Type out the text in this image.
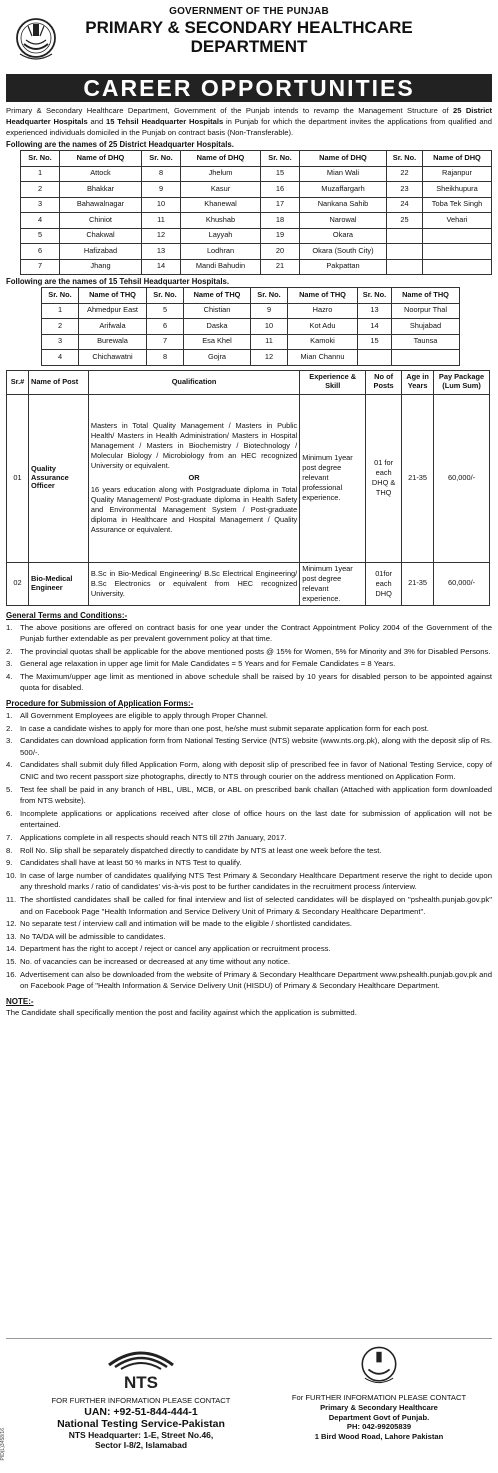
GOVERNMENT OF THE PUNJAB
PRIMARY & SECONDARY HEALTHCARE
DEPARTMENT
CAREER OPPORTUNITIES

Primary & Secondary Healthcare Department, Government of the Punjab intends to revamp the Management Structure of 25 District Headquarter Hospitals and 15 Tehsil Headquarter Hospitals in Punjab for which the department invites the applications from qualified and experienced individuals domiciled in the Punjab on contract basis (Non-Transferable).

Following are the names of 25 District Headquarter Hospitals.
Sr. No.	Name of DHQ	Sr. No.	Name of DHQ	Sr. No.	Name of DHQ	Sr. No.	Name of DHQ
1	Attock	8	Jhelum	15	Mian Wali	22	Rajanpur
2	Bhakkar	9	Kasur	16	Muzaffargarh	23	Sheikhupura
3	Bahawalnagar	10	Khanewal	17	Nankana Sahib	24	Toba Tek Singh
4	Chiniot	11	Khushab	18	Narowal	25	Vehari
5	Chakwal	12	Layyah	19	Okara		
6	Hafizabad	13	Lodhran	20	Okara (South City)		
7	Jhang	14	Mandi Bahudin	21	Pakpattan		
Following are the names of 15 Tehsil Headquarter Hospitals.
Sr. No.	Name of THQ	Sr. No.	Name of THQ	Sr. No.	Name of THQ	Sr. No.	Name of THQ
1	Ahmedpur East	5	Chistian	9	Hazro	13	Noorpur Thal
2	Arifwala	6	Daska	10	Kot Adu	14	Shujabad
3	Burewala	7	Esa Khel	11	Kamoki	15	Taunsa
4	Chichawatni	8	Gojra	12	Mian Channu		
Sr.#	Name of Post	Qualification	Experience & Skill	No of Posts	Age in Years	Pay Package (Lum Sum)
01	Quality Assurance Officer	Masters in Total Quality Management / Masters in Public Health/ Masters in Health Administration/ Masters in Hospital Management / Masters in Biochemistry / Biotechnology / Molecular Biology / Microbiology from an HEC recognized University or equivalent.
OR
16 years education along with Postgraduate diploma in Total Quality Management/ Post-graduate diploma in Health Safety and Environmental Management System / Post-graduate diploma in Healthcare and Hospital Management / Quality Assurance or equivalent.	Minimum 1year post degree relevant professional experience.	01 for each DHQ & THQ	21-35	60,000/-
02	Bio-Medical Engineer	B.Sc in Bio-Medical Engineering/ B.Sc Electrical Engineering/ B.Sc Electronics or equivalent from HEC recognized University.	Minimum 1year post degree relevant experience.	01for each DHQ	21-35	60,000/-
General Terms and Conditions:-
1. The above positions are offered on contract basis for one year under the Contract Appointment Policy 2004 of the Government of the Punjab further extendable as per prevalent government policy at that time.
2. The provincial quotas shall be applicable for the above mentioned posts @ 15% for Women, 5% for Minority and 3% for Disabled Persons.
3. General age relaxation in upper age limit for Male Candidates = 5 Years and for Female Candidates = 8 Years.
4. The Maximum/upper age limit as mentioned in above schedule shall be raised by 10 years for disabled person to be appointed against quota for disabled.
Procedure for Submission of Application Forms:-
1. All Government Employees are eligible to apply through Proper Channel.
2. In case a candidate wishes to apply for more than one post, he/she must submit separate application form for each post.
3. Candidates can download application form from National Testing Service (NTS) website (www.nts.org.pk), along with the deposit slip of Rs. 500/-.
4. Candidates shall submit duly filled Application Form, along with deposit slip of prescribed fee in favor of National Testing Service, copy of CNIC and two recent passport size photographs, directly to NTS through courier on the address mentioned on Application Form.
5. Test fee shall be paid in any branch of HBL, UBL, MCB, or ABL on prescribed bank challan (Attached with application form downloaded from NTS website).
6. Incomplete applications or applications received after close of office hours on the last date for submission of application will not be entertained.
7. Applications complete in all respects should reach NTS till 27th January, 2017.
8. Roll No. Slip shall be separately dispatched directly to candidate by NTS at least one week before the test.
9. Candidates shall have at least 50 % marks in NTS Test to qualify.
10. In case of large number of candidates qualifying NTS Test Primary & Secondary Healthcare Department reserve the right to decide upon any threshold marks / ratio of candidates' vis-à-vis post to be further candidates in the recruitment process /interview.
11. The shortlisted candidates shall be called for final interview and list of selected candidates will be displayed on "pshealth.punjab.gov.pk" and on Facebook Page "Health Information and Service Delivery Unit of Primary & Secondary Healthcare Department".
12. No separate test / interview call and intimation will be made to the eligible / shortlisted candidates.
13. No TA/DA will be admissible to candidates.
14. Department has the right to accept / reject or cancel any application or recruitment process.
15. No. of vacancies can be increased or decreased at any time without any notice.
16. Advertisement can also be downloaded from the website of Primary & Secondary Healthcare Department www.pshealth.punjab.gov.pk and on Facebook Page of "Health Information & Service Delivery Unit (HISDU) of Primary & Secondary Healthcare Department.
NOTE:-
The Candidate shall specifically mention the post and facility against which the application is submitted.
NTS
FOR FURTHER INFORMATION PLEASE CONTACT
UAN: +92-51-844-444-1
National Testing Service-Pakistan
NTS Headquarter: 1-E, Street No.46,
Sector I-8/2, Islamabad
For FURTHER INFORMATION PLEASE CONTACT
Primary & Secondary Healthcare
Department Govt of Punjab.
PH: 042-99205839
1 Bird Wood Road, Lahore Pakistan
PID(L)3458/16
